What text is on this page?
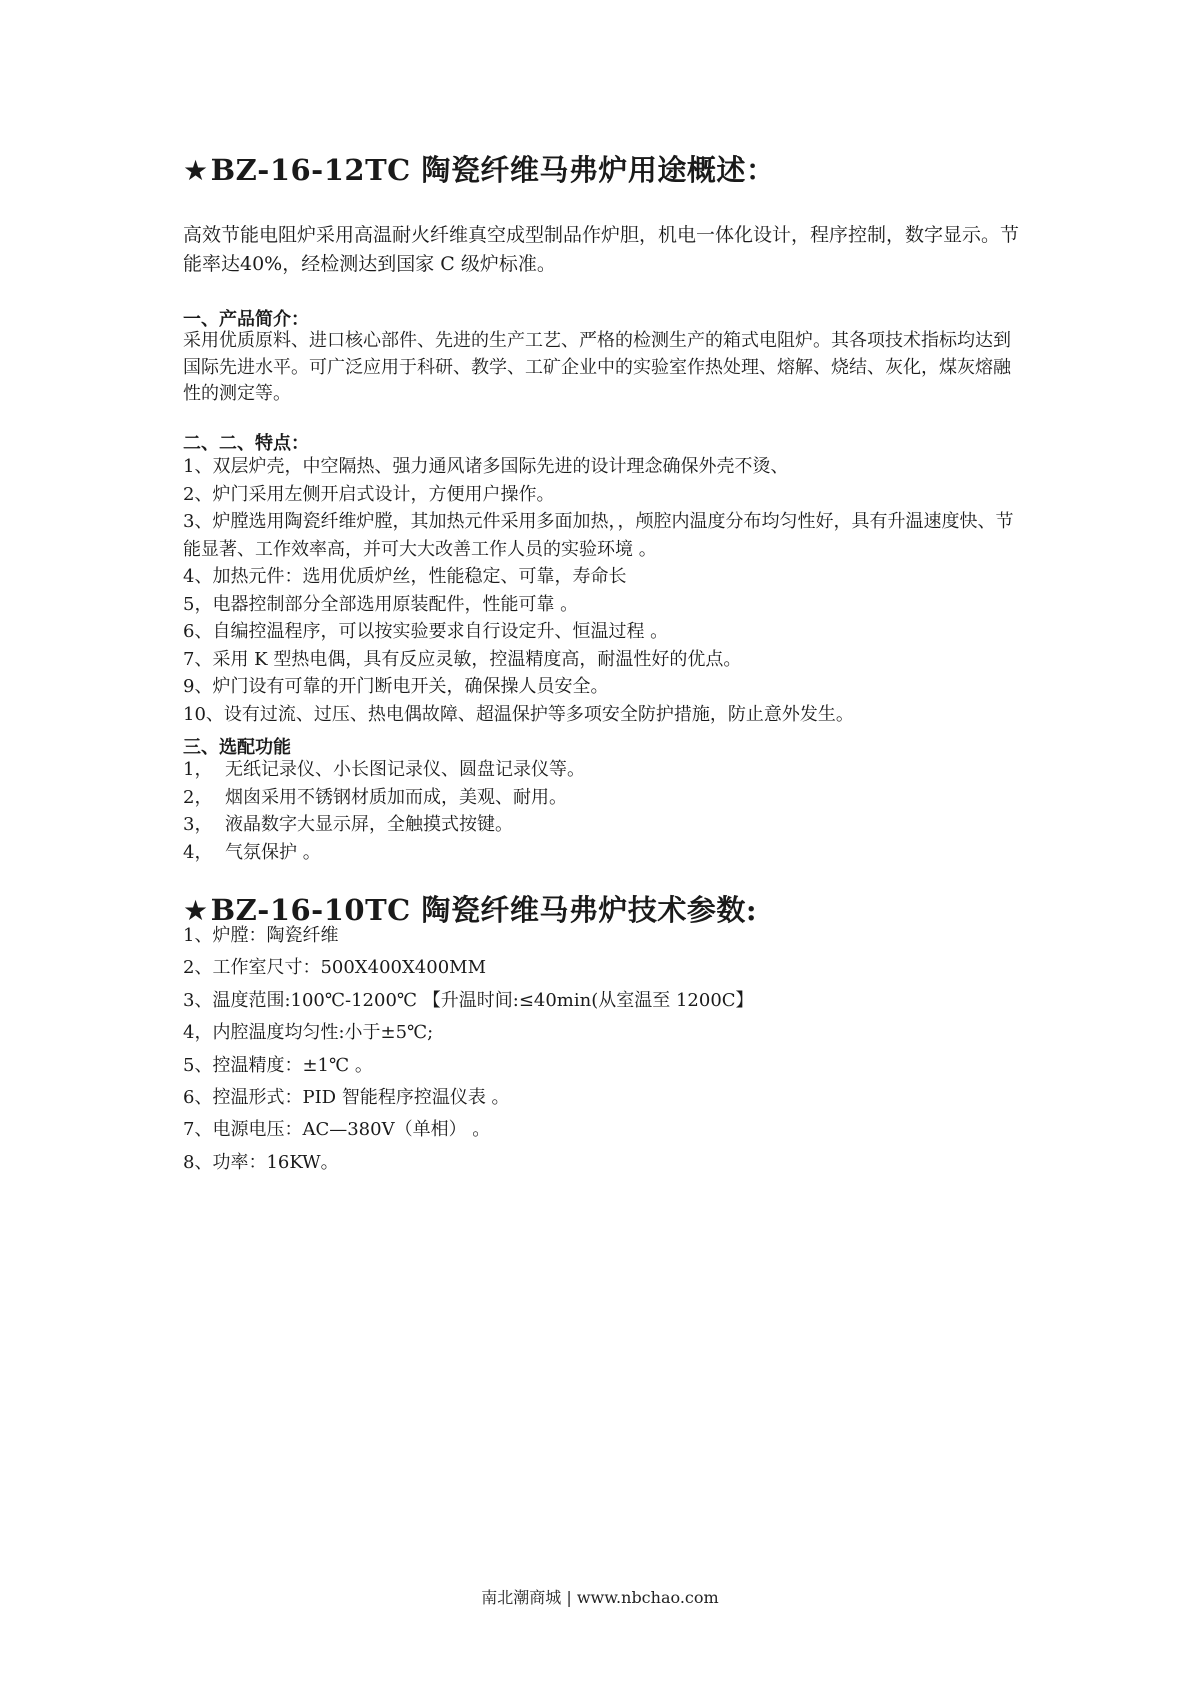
★BZ-16-12TC 陶瓷纤维马弗炉用途概述：
高效节能电阻炉采用高温耐火纤维真空成型制品作炉胆，机电一体化设计，程序控制，数字显示。节能率达40%，经检测达到国家 C 级炉标准。
一、产品简介：
采用优质原料、进口核心部件、先进的生产工艺、严格的检测生产的箱式电阻炉。其各项技术指标均达到国际先进水平。可广泛应用于科研、教学、工矿企业中的实验室作热处理、熔解、烧结、灰化，煤灰熔融性的测定等。
二、二、特点：
1、双层炉壳，中空隔热、强力通风诸多国际先进的设计理念确保外壳不烫、
2、炉门采用左侧开启式设计，方便用户操作。
3、炉膛选用陶瓷纤维炉膛，其加热元件采用多面加热，，颅腔内温度分布均匀性好，具有升温速度快、节能显著、工作效率高，并可大大改善工作人员的实验环境 。
4、加热元件：选用优质炉丝，性能稳定、可靠，寿命长
5，电器控制部分全部选用原装配件，性能可靠 。
6、自编控温程序，可以按实验要求自行设定升、恒温过程 。
7、采用 K 型热电偶，具有反应灵敏，控温精度高，耐温性好的优点。
9、炉门设有可靠的开门断电开关，确保操人员安全。
10、设有过流、过压、热电偶故障、超温保护等多项安全防护措施，防止意外发生。
三、选配功能
1， 无纸记录仪、小长图记录仪、圆盘记录仪等。
2， 烟囱采用不锈钢材质加而成，美观、耐用。
3， 液晶数字大显示屏，全触摸式按键。
4， 气氛保护 。
★BZ-16-10TC 陶瓷纤维马弗炉技术参数:
1、炉膛：陶瓷纤维
2、工作室尺寸：500X400X400MM
3、温度范围:100℃-1200℃ 【升温时间:≤40min(从室温至 1200C】
4，内腔温度均匀性:小于±5℃;
5、控温精度：±1℃ 。
6、控温形式：PID 智能程序控温仪表 。
7、电源电压：AC—380V（单相） 。
8、功率：16KW。
南北潮商城 | www.nbchao.com
